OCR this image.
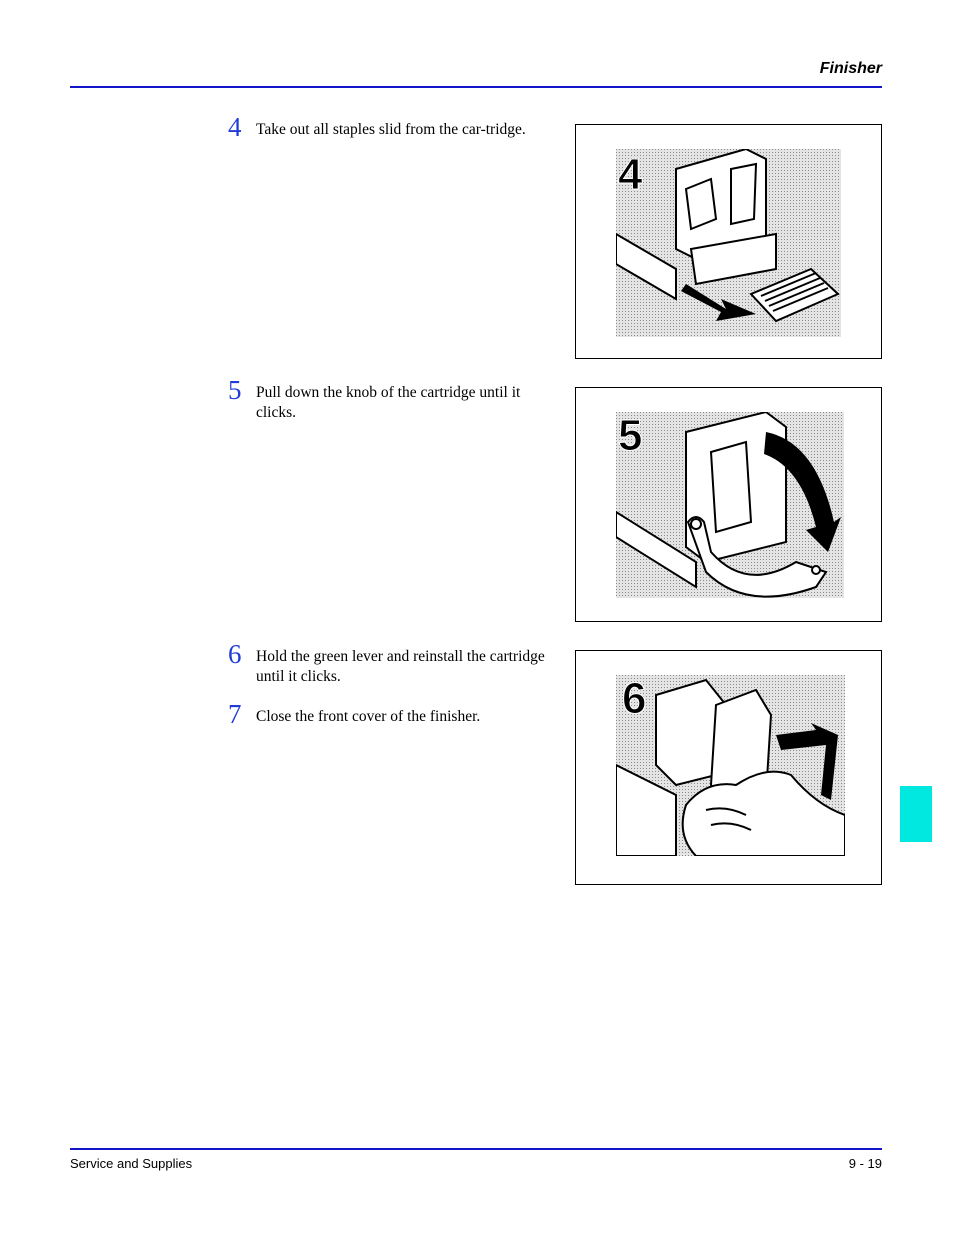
Finisher
4 Take out all staples slid from the car-tridge.
5 Pull down the knob of the cartridge until it clicks.
6 Hold the green lever and reinstall the cartridge until it clicks.
7 Close the front cover of the finisher.
4
5
6
Service and Supplies	9 - 19
